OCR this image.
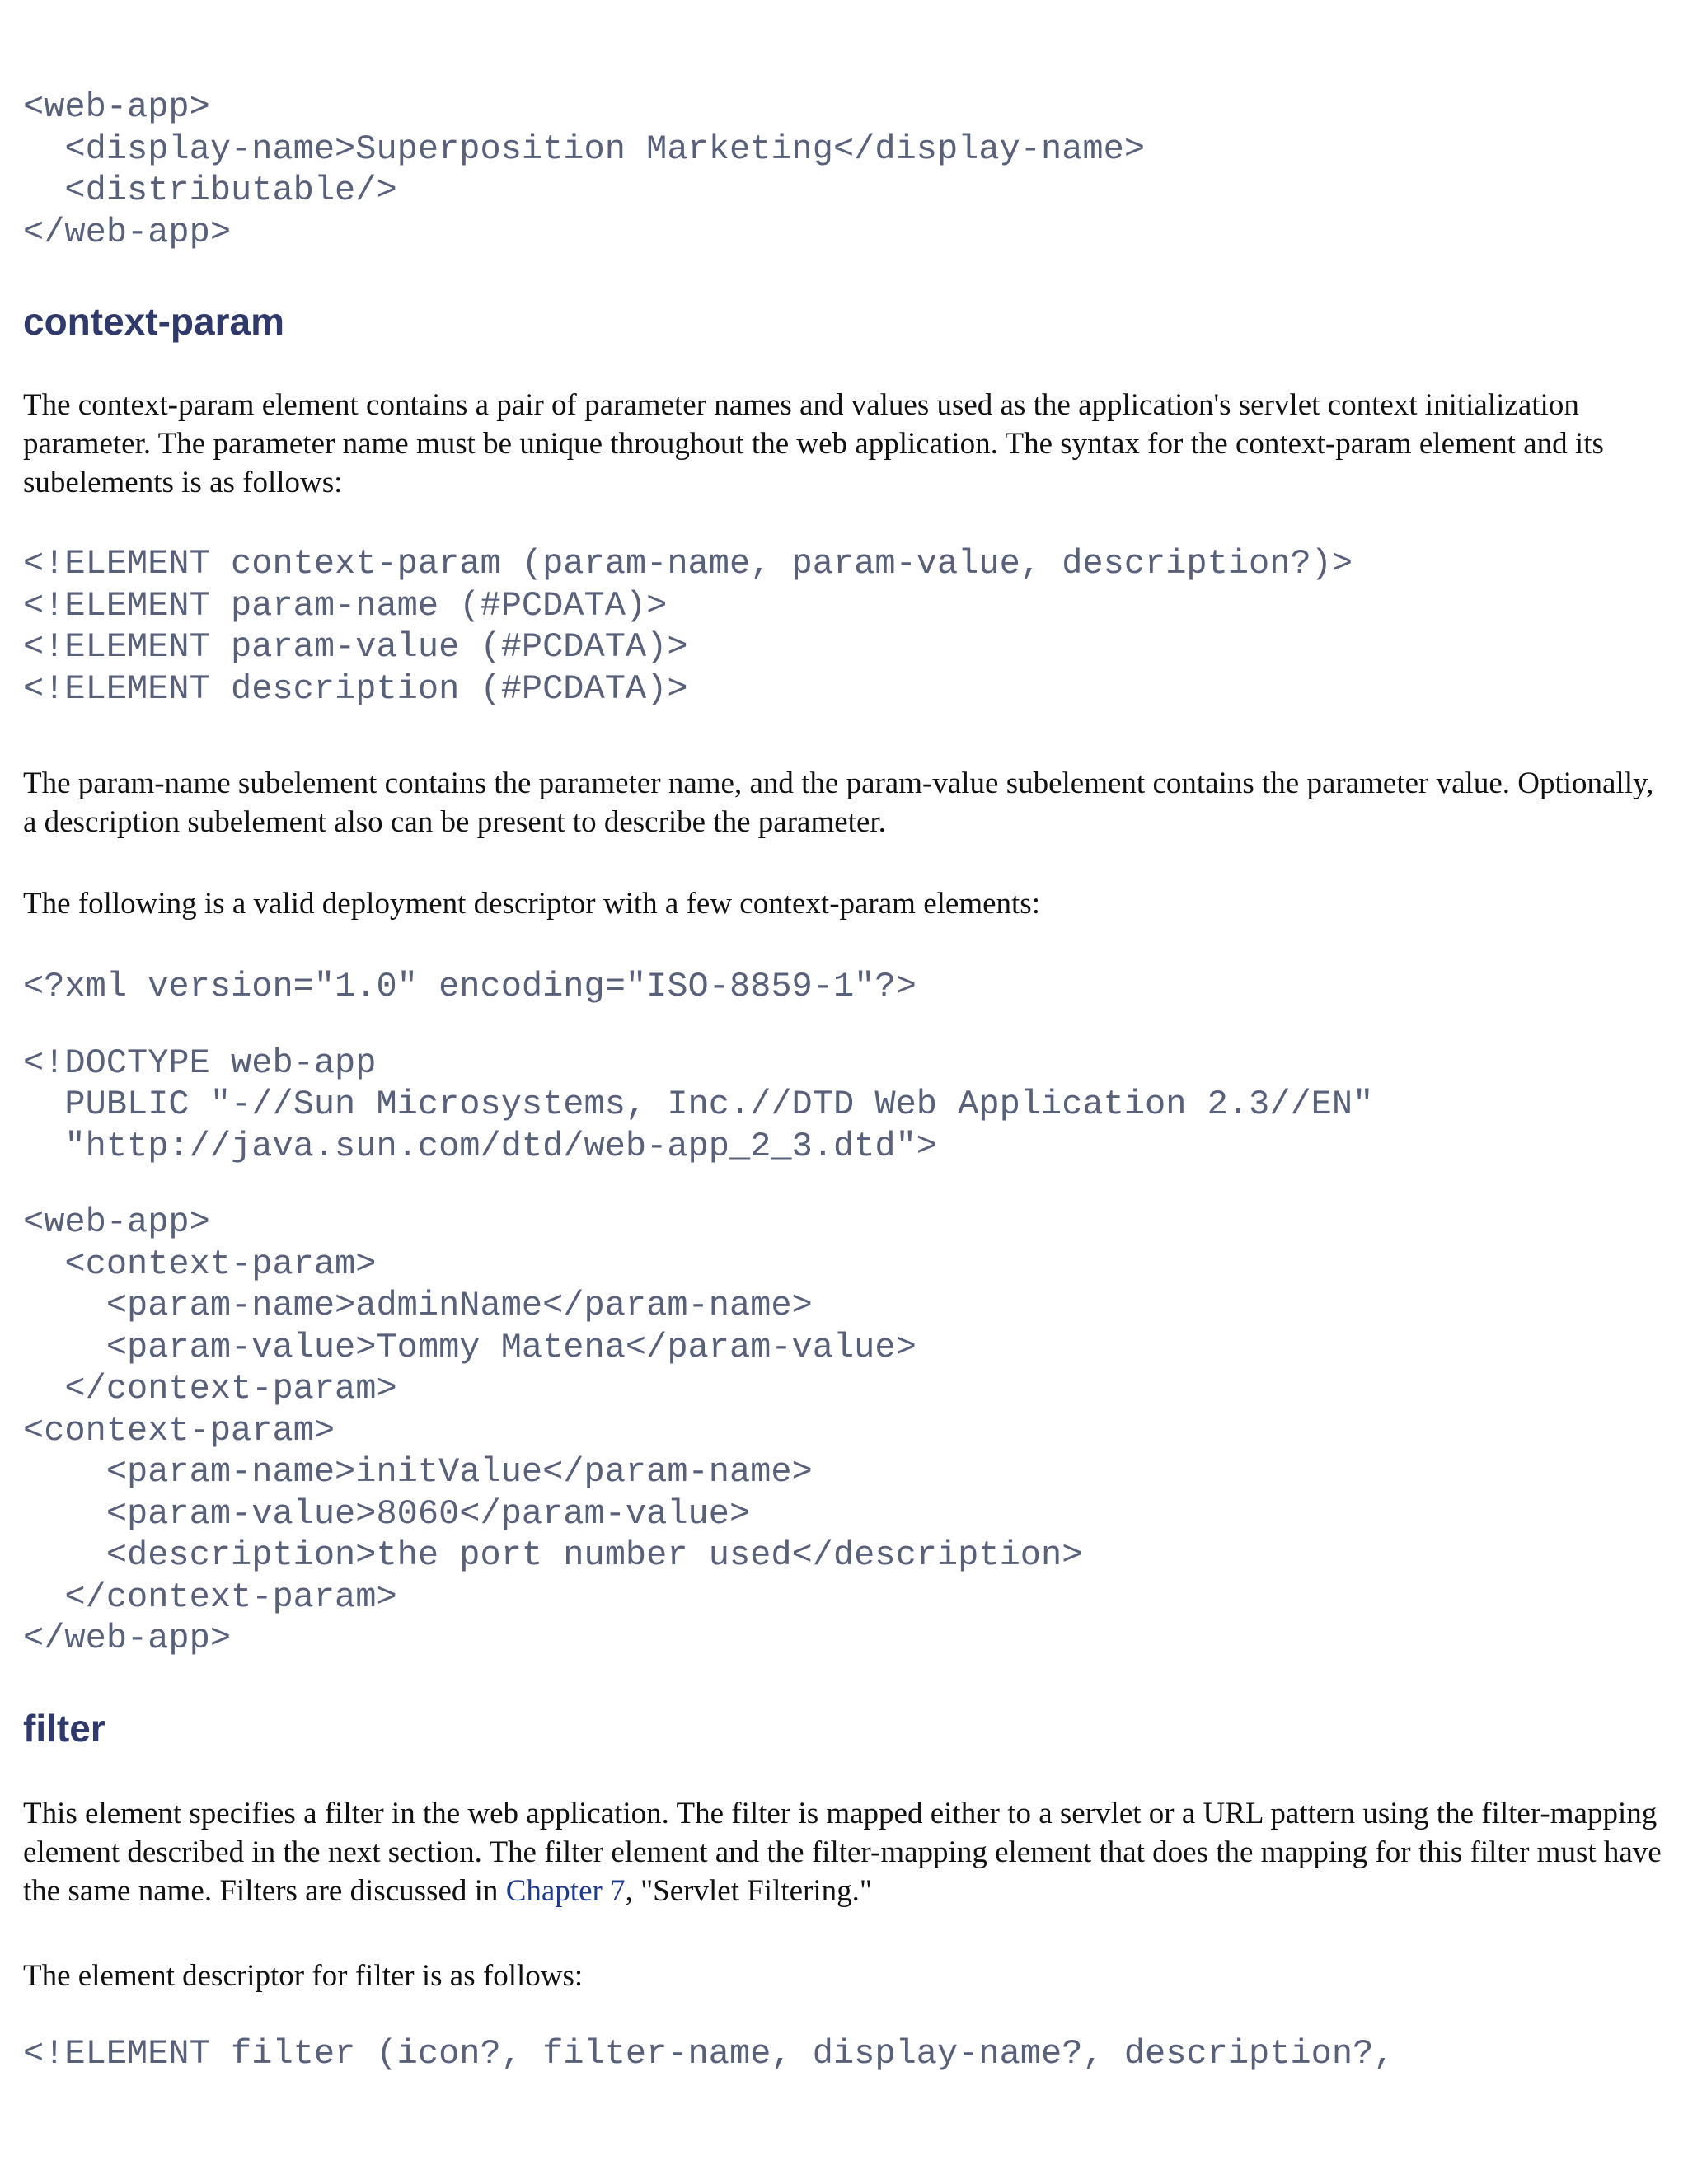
<web-app>
<display-name>Superposition Marketing</display-name>
<distributable/>
</web-app>
context-param

The context-param element contains a pair of parameter names and values used as the application's servlet context initialization parameter. The parameter name must be unique throughout the web application. The syntax for the context-param element and its subelements is as follows:

<!ELEMENT context-param (param-name, param-value, description?)>
<!ELEMENT param-name (#PCDATA)>
<!ELEMENT param-value (#PCDATA)>
<!ELEMENT description (#PCDATA)>

The param-name subelement contains the parameter name, and the param-value subelement contains the parameter value. Optionally, a description subelement also can be present to describe the parameter.

The following is a valid deployment descriptor with a few context-param elements:

<?xml version="1.0" encoding="ISO-8859-1"?>
<!DOCTYPE web-app
PUBLIC "-//Sun Microsystems, Inc.//DTD Web Application 2.3//EN"
"http://java.sun.com/dtd/web-app_2_3.dtd">
<web-app>
<context-param>
<param-name>adminName</param-name>
<param-value>Tommy Matena</param-value>
</context-param>
<context-param>
<param-name>initValue</param-name>
<param-value>8060</param-value>
<description>the port number used</description>
</context-param>
</web-app>
filter

This element specifies a filter in the web application. The filter is mapped either to a servlet or a URL pattern using the filter-mapping element described in the next section. The filter element and the filter-mapping element that does the mapping for this filter must have the same name. Filters are discussed in Chapter 7, "Servlet Filtering."

The element descriptor for filter is as follows:

<!ELEMENT filter (icon?, filter-name, display-name?, description?,
